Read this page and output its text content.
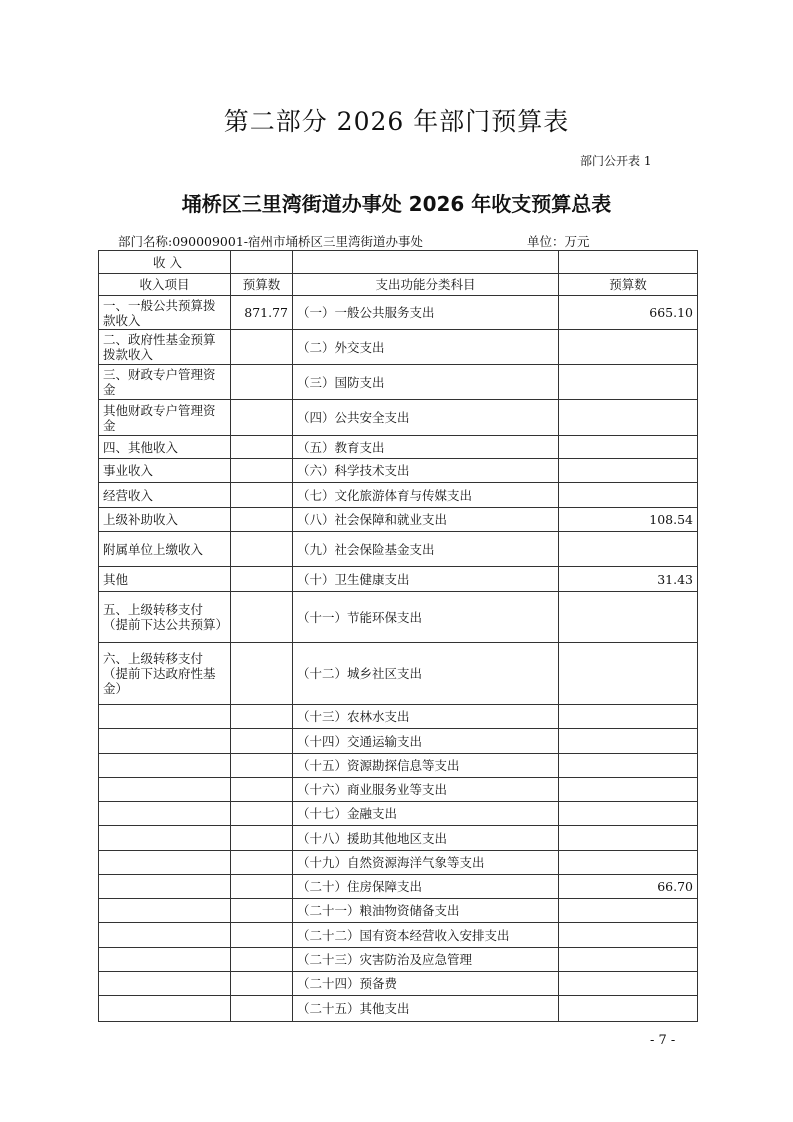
第二部分 2026 年部门预算表
部门公开表 1
埇桥区三里湾街道办事处 2026 年收支预算总表
部门名称:090009001-宿州市埇桥区三里湾街道办事处	单位：万元
收 入			
收入项目	预算数	支出功能分类科目	预算数
一、一般公共预算拨款收入	871.77	（一）一般公共服务支出	665.10
二、政府性基金预算拨款收入		（二）外交支出	
三、财政专户管理资金		（三）国防支出	
其他财政专户管理资金		（四）公共安全支出	
四、其他收入		（五）教育支出	
事业收入		（六）科学技术支出	
经营收入		（七）文化旅游体育与传媒支出	
上级补助收入		（八）社会保障和就业支出	108.54
附属单位上缴收入		（九）社会保险基金支出	
其他		（十）卫生健康支出	31.43
五、上级转移支付（提前下达公共预算）		（十一）节能环保支出	
六、上级转移支付（提前下达政府性基金）		（十二）城乡社区支出	
		（十三）农林水支出	
		（十四）交通运输支出	
		（十五）资源勘探信息等支出	
		（十六）商业服务业等支出	
		（十七）金融支出	
		（十八）援助其他地区支出	
		（十九）自然资源海洋气象等支出	
		（二十）住房保障支出	66.70
		（二十一）粮油物资储备支出	
		（二十二）国有资本经营收入安排支出	
		（二十三）灾害防治及应急管理	
		（二十四）预备费	
		（二十五）其他支出	
- 7 -
